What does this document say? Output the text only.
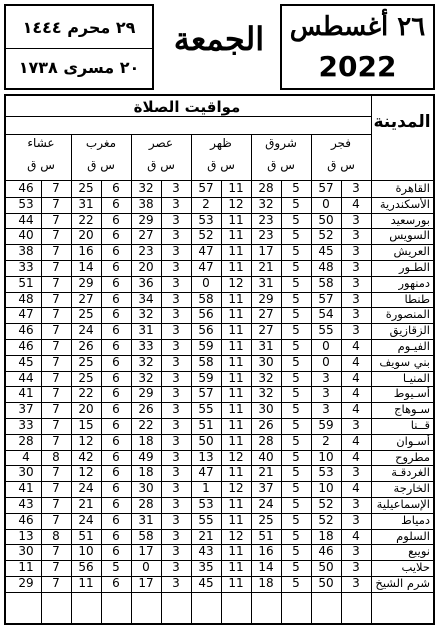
٢٦ أغسطس
2022
الجمعة
٢٩ محرم ١٤٤٤
٢٠ مسرى ١٧٣٨
مواقيت الصلاة
المدينة
فجر
س ق
شروق
س ق
ظهر
س ق
عصر
س ق
مغرب
س ق
عشاء
س ق
القاهرة
3
57
5
28
11
57
3
32
6
25
7
46
الأسكندرية
4
0
5
32
12
2
3
38
6
31
7
53
بورسعيد
3
50
5
23
11
53
3
29
6
22
7
44
السويس
3
52
5
23
11
52
3
27
6
20
7
40
العريش
3
45
5
17
11
47
3
23
6
16
7
38
الطـور
3
48
5
21
11
47
3
20
6
14
7
33
دمنهور
3
58
5
31
12
0
3
36
6
29
7
51
طنطا
3
57
5
29
11
58
3
34
6
27
7
48
المنصورة
3
54
5
27
11
56
3
32
6
25
7
47
الزقازيق
3
55
5
27
11
56
3
31
6
24
7
46
الفيـوم
4
0
5
31
11
59
3
33
6
26
7
46
بني سويف
4
0
5
30
11
58
3
32
6
25
7
45
المنيـا
4
3
5
32
11
59
3
32
6
25
7
44
أسـيوط
4
3
5
32
11
57
3
29
6
22
7
41
سـوهاج
4
3
5
30
11
55
3
26
6
20
7
37
قــنا
3
59
5
26
11
51
3
22
6
15
7
33
أسـوان
4
2
5
28
11
50
3
18
6
12
7
28
مطروح
4
10
5
40
12
13
3
49
6
42
8
4
الغردقـة
3
53
5
21
11
47
3
18
6
12
7
30
الخارجة
4
10
5
37
12
1
3
30
6
24
7
41
الإسماعيلية
3
52
5
24
11
53
3
28
6
21
7
43
دمياط
3
52
5
25
11
55
3
31
6
24
7
46
السلوم
4
18
5
51
12
21
3
58
6
51
8
13
نويبع
3
46
5
16
11
43
3
17
6
10
7
30
حلايب
3
50
5
14
11
35
3
0
5
56
7
11
شرم الشيخ
3
50
5
18
11
45
3
17
6
11
7
29
